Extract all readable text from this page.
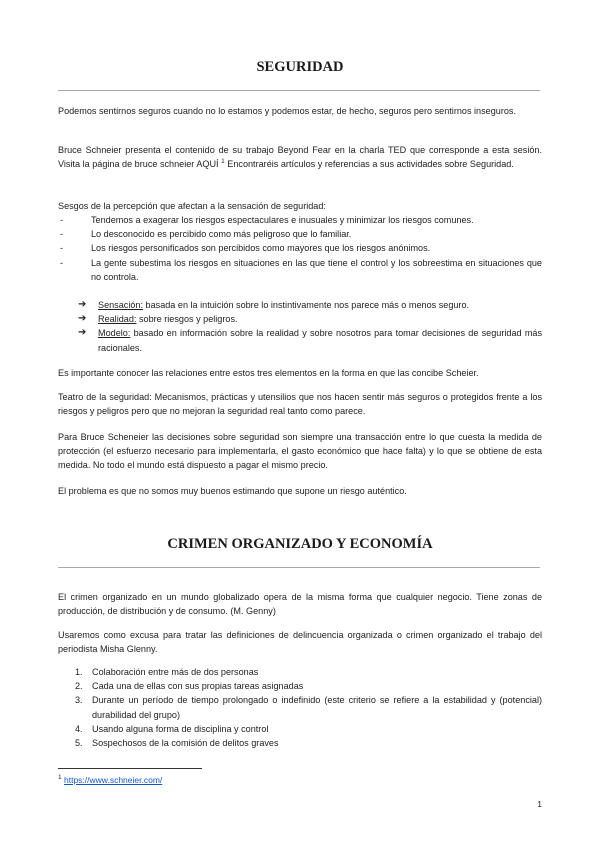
SEGURIDAD

Podemos sentirnos seguros cuando no lo estamos y podemos estar, de hecho, seguros pero sentirnos inseguros.

Bruce Schneier presenta el contenido de su trabajo Beyond Fear en la charla TED que corresponde a esta sesión. Visita la página de bruce schneier AQUÍ $^1$ Encontraréis artículos y referencias a sus actividades sobre Seguridad.

Sesgos de la percepción que afectan a la sensación de seguridad:

-	Tendemos a exagerar los riesgos espectaculares e inusuales y minimizar los riesgos comunes.
-	Lo desconocido es percibido como más peligroso que lo familiar.
-	Los riesgos personificados son percibidos como mayores que los riesgos anónimos.
-	La gente subestima los riesgos en situaciones en las que tiene el control y los sobreestima en situaciones que no controla.
➔ Sensación: basada en la intuición sobre lo instintivamente nos parece más o menos seguro.
➔ Realidad: sobre riesgos y peligros.
➔ Modelo: basado en información sobre la realidad y sobre nosotros para tomar decisiones de seguridad más racionales.

Es importante conocer las relaciones entre estos tres elementos en la forma en que las concibe Scheier.

Teatro de la seguridad: Mecanismos, prácticas y utensilios que nos hacen sentir más seguros o protegidos frente a los riesgos y peligros pero que no mejoran la seguridad real tanto como parece.

Para Bruce Scheneier las decisiones sobre seguridad son siempre una transacción entre lo que cuesta la medida de protección (el esfuerzo necesario para implementarla, el gasto económico que hace falta) y lo que se obtiene de esta medida. No todo el mundo está dispuesto a pagar el mismo precio.

El problema es que no somos muy buenos estimando que supone un riesgo auténtico.

CRIMEN ORGANIZADO Y ECONOMÍA

El crimen organizado en un mundo globalizado opera de la misma forma que cualquier negocio. Tiene zonas de producción, de distribución y de consumo. (M. Genny)

Usaremos como excusa para tratar las definiciones de delincuencia organizada o crimen organizado el trabajo del periodista Misha Glenny.

1. Colaboración entre más de dos personas
2. Cada una de ellas con sus propias tareas asignadas
3. Durante un período de tiempo prolongado o indefinido (este criterio se refiere a la estabilidad y (potencial) durabilidad del grupo)
4. Usando alguna forma de disciplina y control
5. Sospechosos de la comisión de delitos graves
$^1$ https://www.schneier.com/
1
